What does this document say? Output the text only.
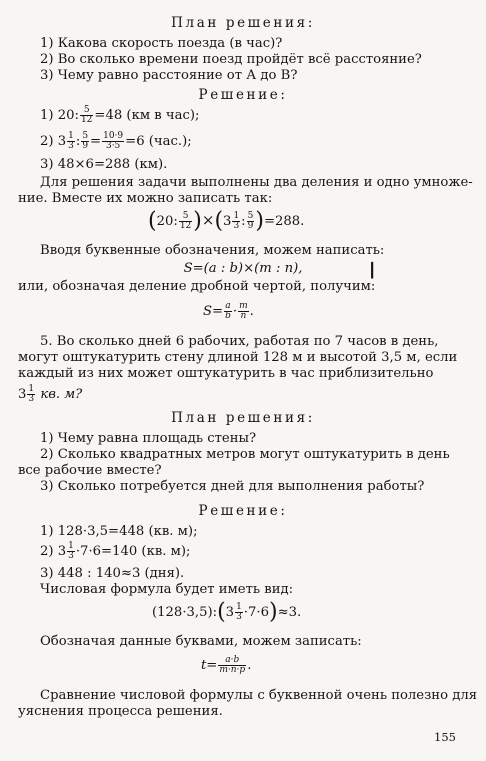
План решения:
1) Какова скорость поезда (в час)?
2) Во сколько времени поезд пройдёт всё расстояние?
3) Чему равно расстояние от А до В?
Решение:
1) 20: $\frac{5}{12} =48$ (км в час);
2) $3 \frac{1}{3}$ : $\frac{5}{9} = \frac{10\cdot 9}{3\cdot 5} =6$ (час.);
3) 48×6=288 (км).
Для решения задачи выполнены два деления и одно умноже-
ние. Вместе их можно записать так:
(20: $\frac{5}{12} )\times(3 \frac{1}{3}$ : $\frac{5}{9} )=288$.
Вводя буквенные обозначения, можем написать:
S=(a : b)×(m : n),
или, обозначая деление дробной чертой, получим:
┃
$S= \frac{a}{b} \cdot \frac{m}{n}$ .
5. Во сколько дней 6 рабочих, работая по 7 часов в день,
могут оштукатурить стену длиной 128 м и высотой 3,5 м, если
каждый из них может оштукатурить в час приблизительно
$3 \frac{1}{3}$ кв. м?
План решения:
1) Чему равна площадь стены?
2) Сколько квадратных метров могут оштукатурить в день
все рабочие вместе?
3) Сколько потребуется дней для выполнения работы?
Решение:
1) 128·3,5=448 (кв. м);
2) $3 \frac{1}{3} \cdot 7\cdot 6=140$ (кв. м);
3) 448 : 140≈3 (дня).
Числовая формула будет иметь вид:
(128·3,5):(3 $\frac{1}{3} \cdot 7\cdot 6)\approx 3$.
Обозначая данные буквами, можем записать:
$t= \frac{a\cdot b}{m\cdot n\cdot p}$ .
Сравнение числовой формулы с буквенной очень полезно для
уяснения процесса решения.
155
